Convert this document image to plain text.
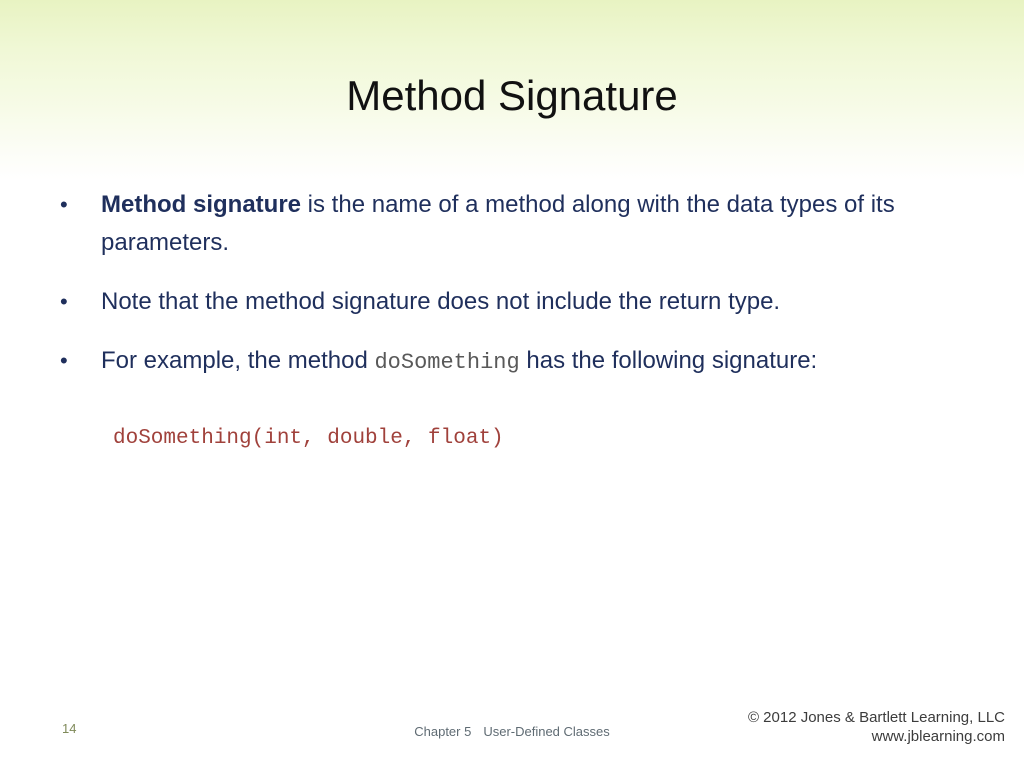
Method Signature
• Method signature is the name of a method along with the data types of its parameters.
• Note that the method signature does not include the return type.
• For example, the method doSomething has the following signature:
doSomething(int, double, float)
14	Chapter 5 User-Defined Classes
© 2012 Jones & Bartlett Learning, LLC
www.jblearning.com
